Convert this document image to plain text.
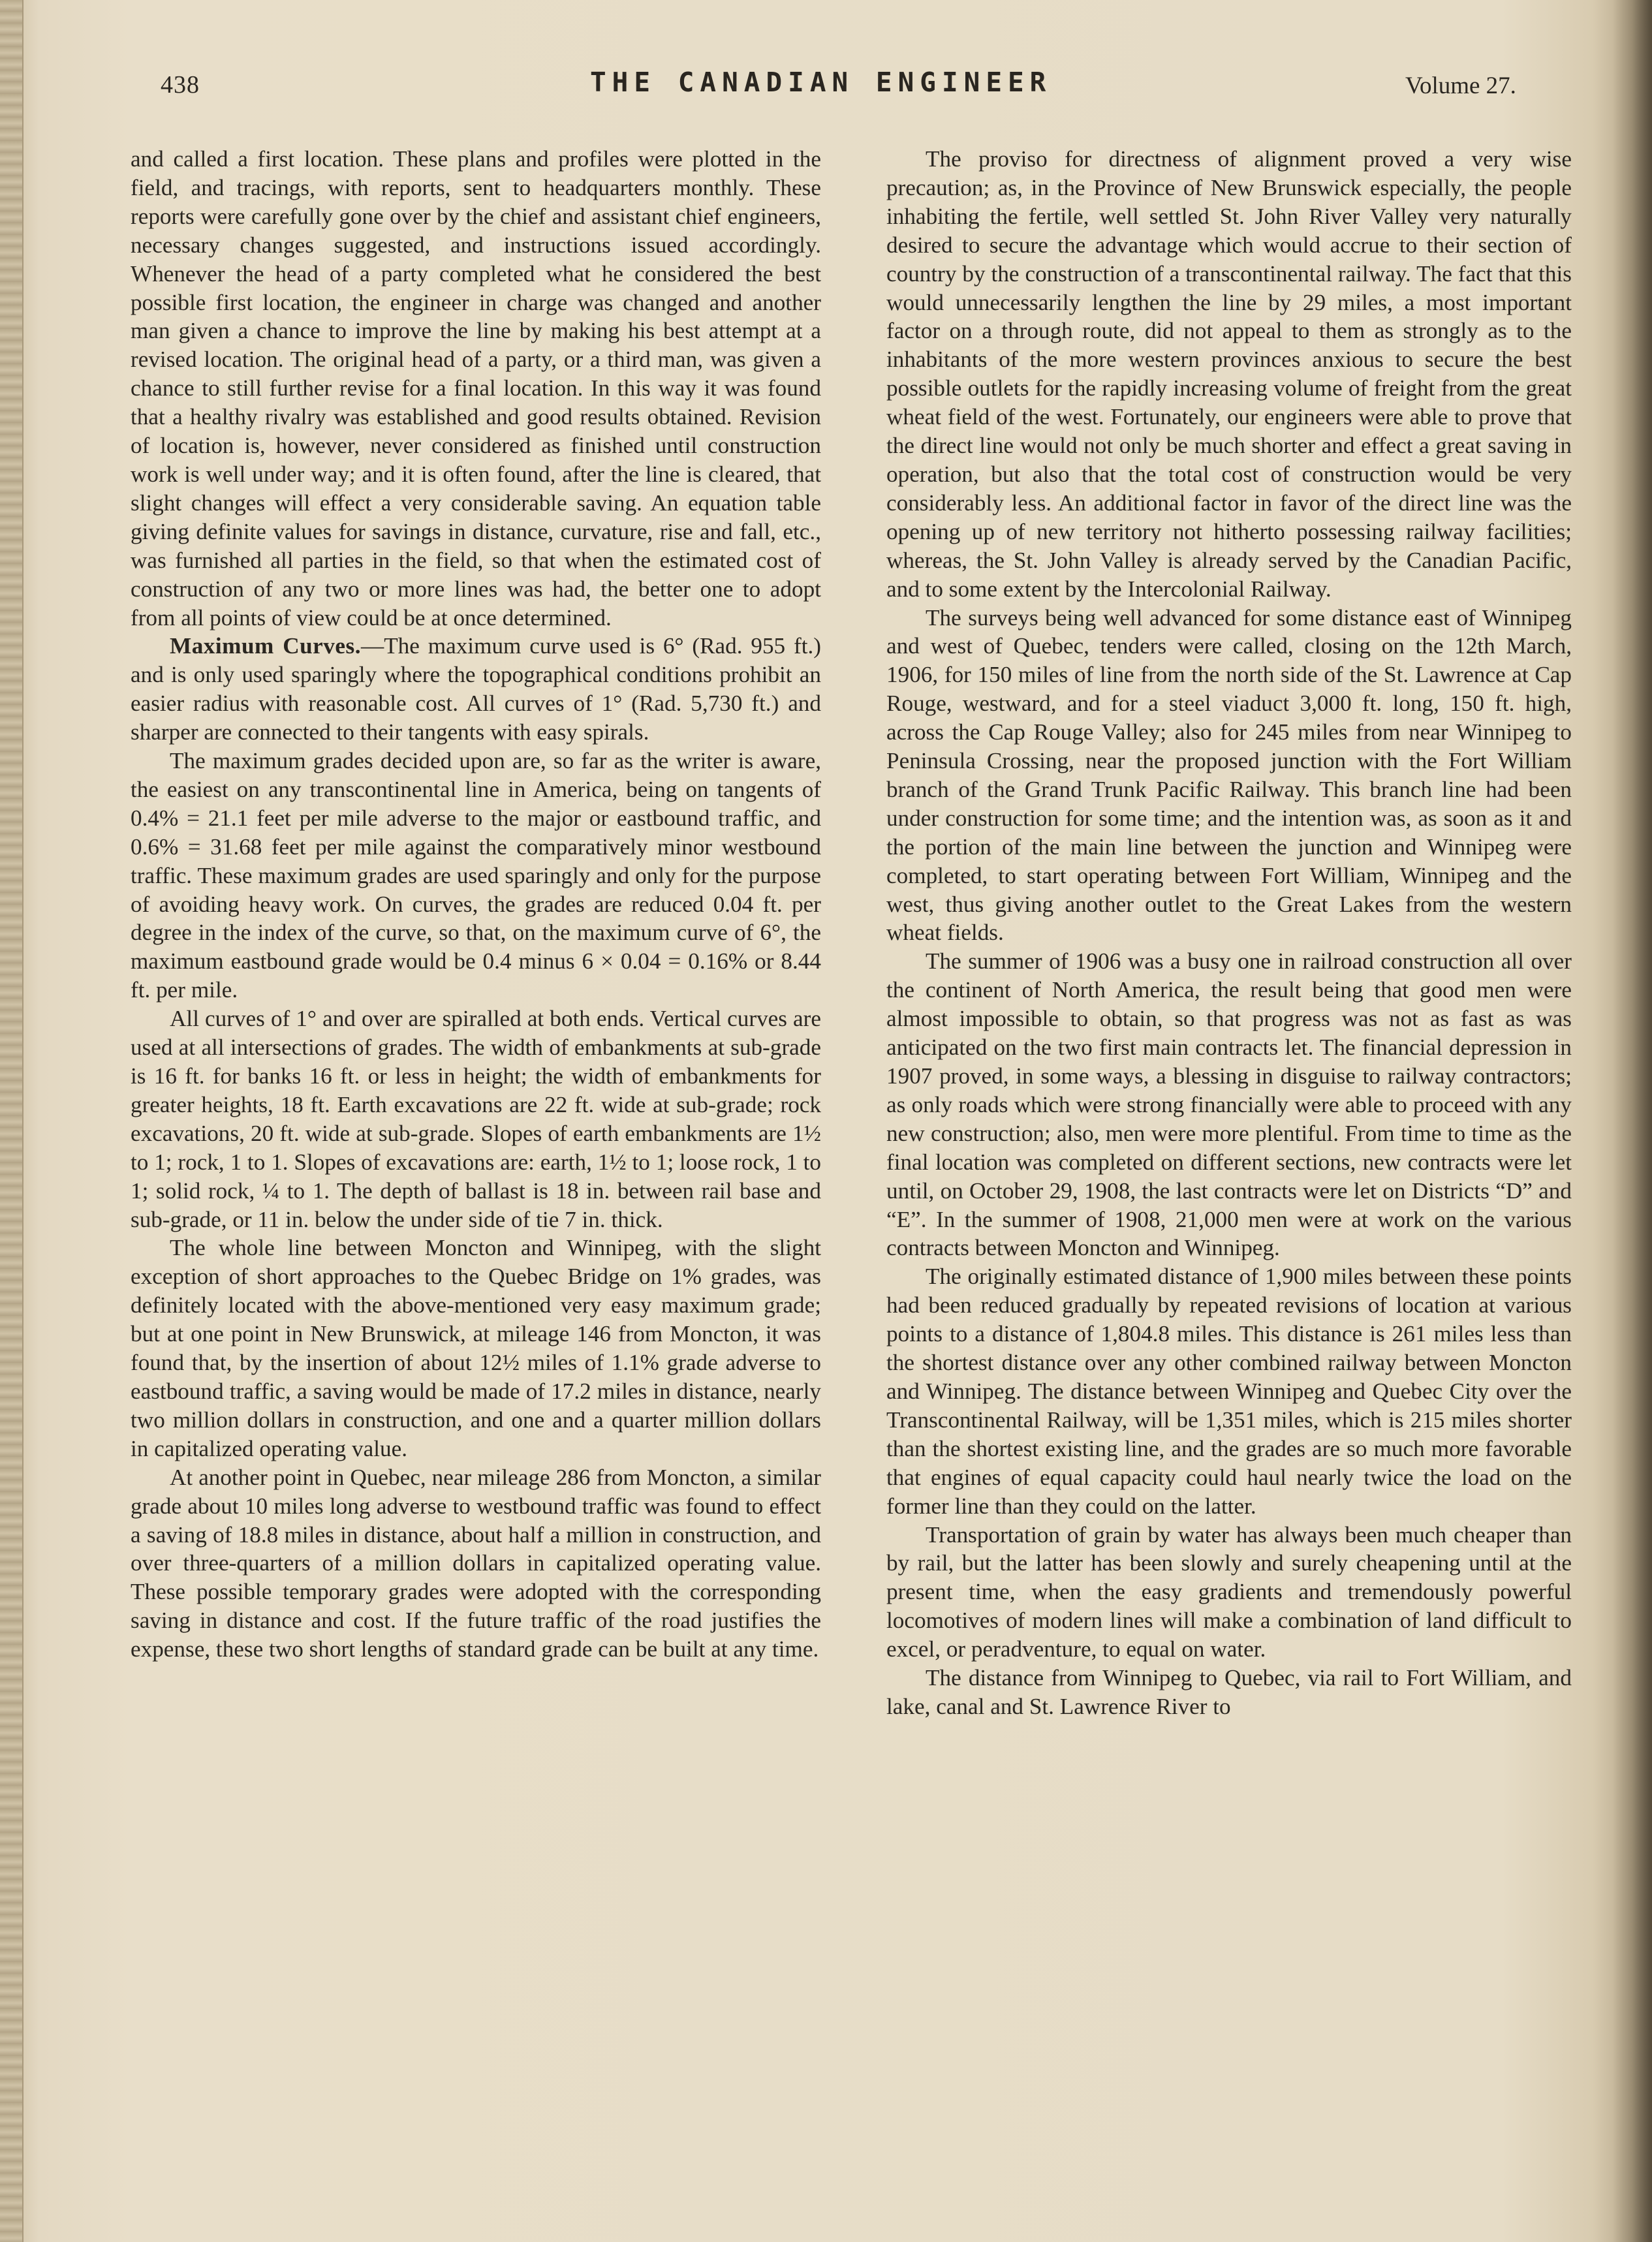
438	THE CANADIAN ENGINEER	Volume 27.

and called a first location. These plans and profiles were plotted in the field, and tracings, with reports, sent to headquarters monthly. These reports were carefully gone over by the chief and assistant chief engineers, necessary changes suggested, and instructions issued accordingly. Whenever the head of a party completed what he considered the best possible first location, the engineer in charge was changed and another man given a chance to improve the line by making his best attempt at a revised location. The original head of a party, or a third man, was given a chance to still further revise for a final location. In this way it was found that a healthy rivalry was established and good results obtained. Revision of location is, however, never considered as finished until construction work is well under way; and it is often found, after the line is cleared, that slight changes will effect a very considerable saving. An equation table giving definite values for savings in distance, curvature, rise and fall, etc., was furnished all parties in the field, so that when the estimated cost of construction of any two or more lines was had, the better one to adopt from all points of view could be at once determined.

Maximum Curves.—The maximum curve used is 6° (Rad. 955 ft.) and is only used sparingly where the topographical conditions prohibit an easier radius with reasonable cost. All curves of 1° (Rad. 5,730 ft.) and sharper are connected to their tangents with easy spirals.

The maximum grades decided upon are, so far as the writer is aware, the easiest on any transcontinental line in America, being on tangents of 0.4% = 21.1 feet per mile adverse to the major or eastbound traffic, and 0.6% = 31.68 feet per mile against the comparatively minor westbound traffic. These maximum grades are used sparingly and only for the purpose of avoiding heavy work. On curves, the grades are reduced 0.04 ft. per degree in the index of the curve, so that, on the maximum curve of 6°, the maximum eastbound grade would be 0.4 minus 6 × 0.04 = 0.16% or 8.44 ft. per mile.

All curves of 1° and over are spiralled at both ends. Vertical curves are used at all intersections of grades. The width of embankments at sub-grade is 16 ft. for banks 16 ft. or less in height; the width of embankments for greater heights, 18 ft. Earth excavations are 22 ft. wide at sub-grade; rock excavations, 20 ft. wide at sub-grade. Slopes of earth embankments are 1½ to 1; rock, 1 to 1. Slopes of excavations are: earth, 1½ to 1; loose rock, 1 to 1; solid rock, ¼ to 1. The depth of ballast is 18 in. between rail base and sub-grade, or 11 in. below the under side of tie 7 in. thick.

The whole line between Moncton and Winnipeg, with the slight exception of short approaches to the Quebec Bridge on 1% grades, was definitely located with the above-mentioned very easy maximum grade; but at one point in New Brunswick, at mileage 146 from Moncton, it was found that, by the insertion of about 12½ miles of 1.1% grade adverse to eastbound traffic, a saving would be made of 17.2 miles in distance, nearly two million dollars in construction, and one and a quarter million dollars in capitalized operating value.

At another point in Quebec, near mileage 286 from Moncton, a similar grade about 10 miles long adverse to westbound traffic was found to effect a saving of 18.8 miles in distance, about half a million in construction, and over three-quarters of a million dollars in capitalized operating value. These possible temporary grades were adopted with the corresponding saving in distance and cost. If the future traffic of the road justifies the expense, these two short lengths of standard grade can be built at any time.

The proviso for directness of alignment proved a very wise precaution; as, in the Province of New Brunswick especially, the people inhabiting the fertile, well settled St. John River Valley very naturally desired to secure the advantage which would accrue to their section of country by the construction of a transcontinental railway. The fact that this would unnecessarily lengthen the line by 29 miles, a most important factor on a through route, did not appeal to them as strongly as to the inhabitants of the more western provinces anxious to secure the best possible outlets for the rapidly increasing volume of freight from the great wheat field of the west. Fortunately, our engineers were able to prove that the direct line would not only be much shorter and effect a great saving in operation, but also that the total cost of construction would be very considerably less. An additional factor in favor of the direct line was the opening up of new territory not hitherto possessing railway facilities; whereas, the St. John Valley is already served by the Canadian Pacific, and to some extent by the Intercolonial Railway.

The surveys being well advanced for some distance east of Winnipeg and west of Quebec, tenders were called, closing on the 12th March, 1906, for 150 miles of line from the north side of the St. Lawrence at Cap Rouge, westward, and for a steel viaduct 3,000 ft. long, 150 ft. high, across the Cap Rouge Valley; also for 245 miles from near Winnipeg to Peninsula Crossing, near the proposed junction with the Fort William branch of the Grand Trunk Pacific Railway. This branch line had been under construction for some time; and the intention was, as soon as it and the portion of the main line between the junction and Winnipeg were completed, to start operating between Fort William, Winnipeg and the west, thus giving another outlet to the Great Lakes from the western wheat fields.

The summer of 1906 was a busy one in railroad construction all over the continent of North America, the result being that good men were almost impossible to obtain, so that progress was not as fast as was anticipated on the two first main contracts let. The financial depression in 1907 proved, in some ways, a blessing in disguise to railway contractors; as only roads which were strong financially were able to proceed with any new construction; also, men were more plentiful. From time to time as the final location was completed on different sections, new contracts were let until, on October 29, 1908, the last contracts were let on Districts “D” and “E”. In the summer of 1908, 21,000 men were at work on the various contracts between Moncton and Winnipeg.

The originally estimated distance of 1,900 miles between these points had been reduced gradually by repeated revisions of location at various points to a distance of 1,804.8 miles. This distance is 261 miles less than the shortest distance over any other combined railway between Moncton and Winnipeg. The distance between Winnipeg and Quebec City over the Transcontinental Railway, will be 1,351 miles, which is 215 miles shorter than the shortest existing line, and the grades are so much more favorable that engines of equal capacity could haul nearly twice the load on the former line than they could on the latter.

Transportation of grain by water has always been much cheaper than by rail, but the latter has been slowly and surely cheapening until at the present time, when the easy gradients and tremendously powerful locomotives of modern lines will make a combination of land difficult to excel, or peradventure, to equal on water.

The distance from Winnipeg to Quebec, via rail to Fort William, and lake, canal and St. Lawrence River to
